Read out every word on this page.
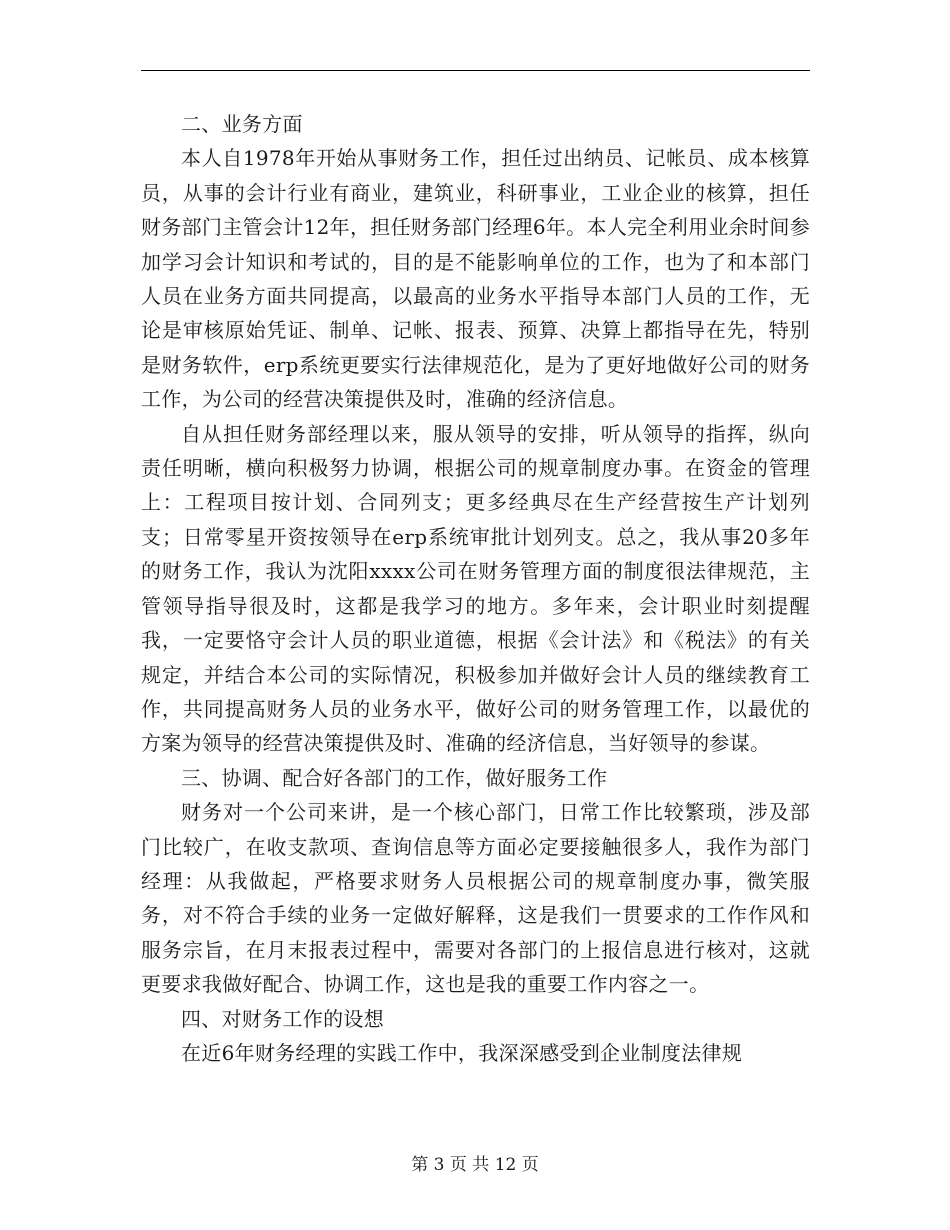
二、业务方面

本人自1978年开始从事财务工作，担任过出纳员、记帐员、成本核算员，从事的会计行业有商业，建筑业，科研事业，工业企业的核算，担任财务部门主管会计12年，担任财务部门经理6年。本人完全利用业余时间参加学习会计知识和考试的，目的是不能影响单位的工作，也为了和本部门人员在业务方面共同提高，以最高的业务水平指导本部门人员的工作，无论是审核原始凭证、制单、记帐、报表、预算、决算上都指导在先，特别是财务软件，erp系统更要实行法律规范化，是为了更好地做好公司的财务工作，为公司的经营决策提供及时，准确的经济信息。

自从担任财务部经理以来，服从领导的安排，听从领导的指挥，纵向责任明晰，横向积极努力协调，根据公司的规章制度办事。在资金的管理上：工程项目按计划、合同列支；更多经典尽在生产经营按生产计划列支；日常零星开资按领导在erp系统审批计划列支。总之，我从事20多年的财务工作，我认为沈阳xxxx公司在财务管理方面的制度很法律规范，主管领导指导很及时，这都是我学习的地方。多年来，会计职业时刻提醒我，一定要恪守会计人员的职业道德，根据《会计法》和《税法》的有关规定，并结合本公司的实际情况，积极参加并做好会计人员的继续教育工作，共同提高财务人员的业务水平，做好公司的财务管理工作，以最优的方案为领导的经营决策提供及时、准确的经济信息，当好领导的参谋。

三、协调、配合好各部门的工作，做好服务工作

财务对一个公司来讲，是一个核心部门，日常工作比较繁琐，涉及部门比较广，在收支款项、查询信息等方面必定要接触很多人，我作为部门经理：从我做起，严格要求财务人员根据公司的规章制度办事，微笑服务，对不符合手续的业务一定做好解释，这是我们一贯要求的工作作风和服务宗旨，在月末报表过程中，需要对各部门的上报信息进行核对，这就更要求我做好配合、协调工作，这也是我的重要工作内容之一。

四、对财务工作的设想

在近6年财务经理的实践工作中，我深深感受到企业制度法律规

第 3 页 共 12 页
